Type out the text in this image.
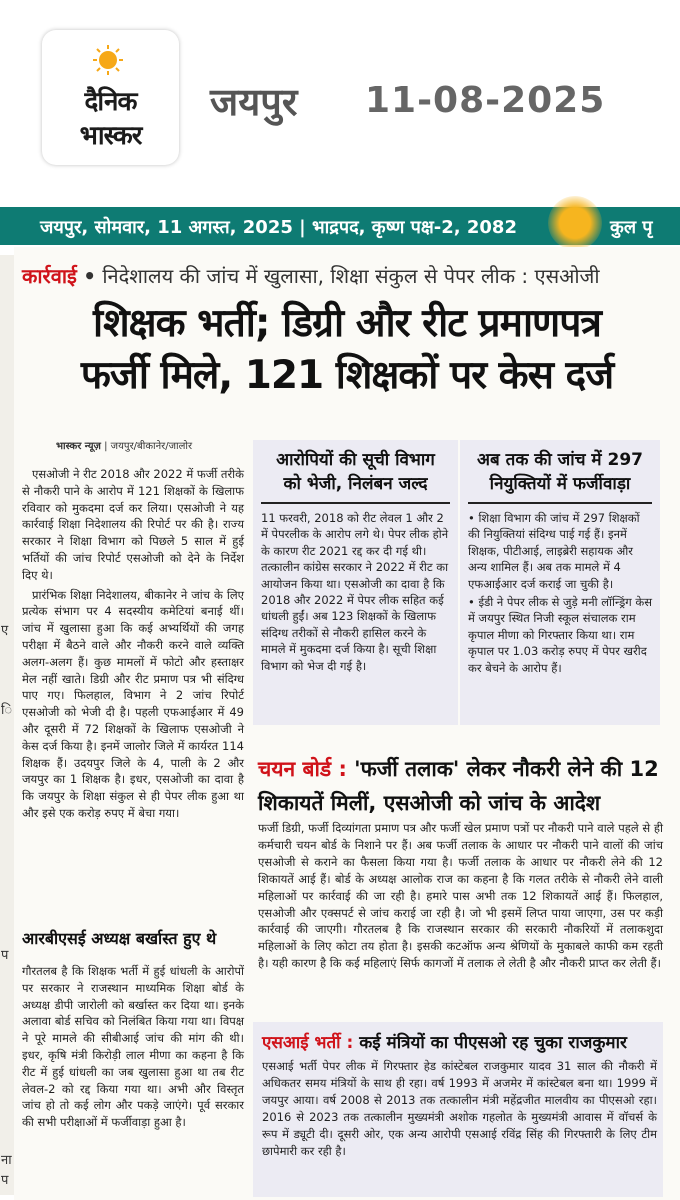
दैनिक
भास्कर
जयपुर 11-08-2025
जयपुर, सोमवार, 11 अगस्त, 2025 | भाद्रपद, कृष्ण पक्ष-2, 2082	कुल पृ
ए
ि
प
ना
प
कार्रवाई • निदेशालय की जांच में खुलासा, शिक्षा संकुल से पेपर लीक : एसओजी
शिक्षक भर्ती; डिग्री और रीट प्रमाणपत्र
फर्जी मिले, 121 शिक्षकों पर केस दर्ज
भास्कर न्यूज़ | जयपुर/बीकानेर/जालोर

एसओजी ने रीट 2018 और 2022 में फर्जी तरीके से नौकरी पाने के आरोप में 121 शिक्षकों के खिलाफ रविवार को मुकदमा दर्ज कर लिया। एसओजी ने यह कार्रवाई शिक्षा निदेशालय की रिपोर्ट पर की है। राज्य सरकार ने शिक्षा विभाग को पिछले 5 साल में हुई भर्तियों की जांच रिपोर्ट एसओजी को देने के निर्देश दिए थे।

प्रारंभिक शिक्षा निदेशालय, बीकानेर ने जांच के लिए प्रत्येक संभाग पर 4 सदस्यीय कमेटियां बनाई थीं। जांच में खुलासा हुआ कि कई अभ्यर्थियों की जगह परीक्षा में बैठने वाले और नौकरी करने वाले व्यक्ति अलग-अलग हैं। कुछ मामलों में फोटो और हस्ताक्षर मेल नहीं खाते। डिग्री और रीट प्रमाण पत्र भी संदिग्ध पाए गए। फिलहाल, विभाग ने 2 जांच रिपोर्ट एसओजी को भेजी दी है। पहली एफआईआर में 49 और दूसरी में 72 शिक्षकों के खिलाफ एसओजी ने केस दर्ज किया है। इनमें जालोर जिले में कार्यरत 114 शिक्षक हैं। उदयपुर जिले के 4, पाली के 2 और जयपुर का 1 शिक्षक है। इधर, एसओजी का दावा है कि जयपुर के शिक्षा संकुल से ही पेपर लीक हुआ था और इसे एक करोड़ रुपए में बेचा गया।

आरबीएसई अध्यक्ष बर्खास्त हुए थे

गौरतलब है कि शिक्षक भर्ती में हुई धांधली के आरोपों पर सरकार ने राजस्थान माध्यमिक शिक्षा बोर्ड के अध्यक्ष डीपी जारोली को बर्खास्त कर दिया था। इनके अलावा बोर्ड सचिव को निलंबित किया गया था। विपक्ष ने पूरे मामले की सीबीआई जांच की मांग की थी। इधर, कृषि मंत्री किरोड़ी लाल मीणा का कहना है कि रीट में हुई धांधली का जब खुलासा हुआ था तब रीट लेवल-2 को रद्द किया गया था। अभी और विस्तृत जांच हो तो कई लोग और पकड़े जाएंगे। पूर्व सरकार की सभी परीक्षाओं में फर्जीवाड़ा हुआ है।

आरोपियों की सूची विभाग
को भेजी, निलंबन जल्द
11 फरवरी, 2018 को रीट लेवल 1 और 2 में पेपरलीक के आरोप लगे थे। पेपर लीक होने के कारण रीट 2021 रद्द कर दी गई थी। तत्कालीन कांग्रेस सरकार ने 2022 में रीट का आयोजन किया था। एसओजी का दावा है कि 2018 और 2022 में पेपर लीक सहित कई धांधली हुईं। अब 123 शिक्षकों के खिलाफ संदिग्ध तरीकों से नौकरी हासिल करने के मामले में मुकदमा दर्ज किया है। सूची शिक्षा विभाग को भेज दी गई है।
अब तक की जांच में 297
नियुक्तियों में फर्जीवाड़ा

• शिक्षा विभाग की जांच में 297 शिक्षकों की नियुक्तियां संदिग्ध पाई गई हैं। इनमें शिक्षक, पीटीआई, लाइब्रेरी सहायक और अन्य शामिल हैं। अब तक मामले में 4 एफआईआर दर्ज कराई जा चुकी है।

• ईडी ने पेपर लीक से जुड़े मनी लॉन्ड्रिंग केस में जयपुर स्थित निजी स्कूल संचालक राम कृपाल मीणा को गिरफ्तार किया था। राम कृपाल पर 1.03 करोड़ रुपए में पेपर खरीद कर बेचने के आरोप हैं।

चयन बोर्ड : 'फर्जी तलाक' लेकर नौकरी लेने की 12 शिकायतें मिलीं, एसओजी को जांच के आदेश
फर्जी डिग्री, फर्जी दिव्यांगता प्रमाण पत्र और फर्जी खेल प्रमाण पत्रों पर नौकरी पाने वाले पहले से ही कर्मचारी चयन बोर्ड के निशाने पर हैं। अब फर्जी तलाक के आधार पर नौकरी पाने वालों की जांच एसओजी से कराने का फैसला किया गया है। फर्जी तलाक के आधार पर नौकरी लेने की 12 शिकायतें आई हैं। बोर्ड के अध्यक्ष आलोक राज का कहना है कि गलत तरीके से नौकरी लेने वाली महिलाओं पर कार्रवाई की जा रही है। हमारे पास अभी तक 12 शिकायतें आई हैं। फिलहाल, एसओजी और एक्सपर्ट से जांच कराई जा रही है। जो भी इसमें लिप्त पाया जाएगा, उस पर कड़ी कार्रवाई की जाएगी। गौरतलब है कि राजस्थान सरकार की सरकारी नौकरियों में तलाकशुदा महिलाओं के लिए कोटा तय होता है। इसकी कटऑफ अन्य श्रेणियों के मुकाबले काफी कम रहती है। यही कारण है कि कई महिलाएं सिर्फ कागजों में तलाक ले लेती है और नौकरी प्राप्त कर लेती हैं।
एसआई भर्ती : कई मंत्रियों का पीएसओ रह चुका राजकुमार
एसआई भर्ती पेपर लीक में गिरफ्तार हेड कांस्टेबल राजकुमार यादव 31 साल की नौकरी में अधिकतर समय मंत्रियों के साथ ही रहा। वर्ष 1993 में अजमेर में कांस्टेबल बना था। 1999 में जयपुर आया। वर्ष 2008 से 2013 तक तत्कालीन मंत्री महेंद्रजीत मालवीय का पीएसओ रहा। 2016 से 2023 तक तत्कालीन मुख्यमंत्री अशोक गहलोत के मुख्यमंत्री आवास में वॉचर्स के रूप में ड्यूटी दी। दूसरी ओर, एक अन्य आरोपी एसआई रविंद्र सिंह की गिरफ्तारी के लिए टीम छापेमारी कर रही है।
